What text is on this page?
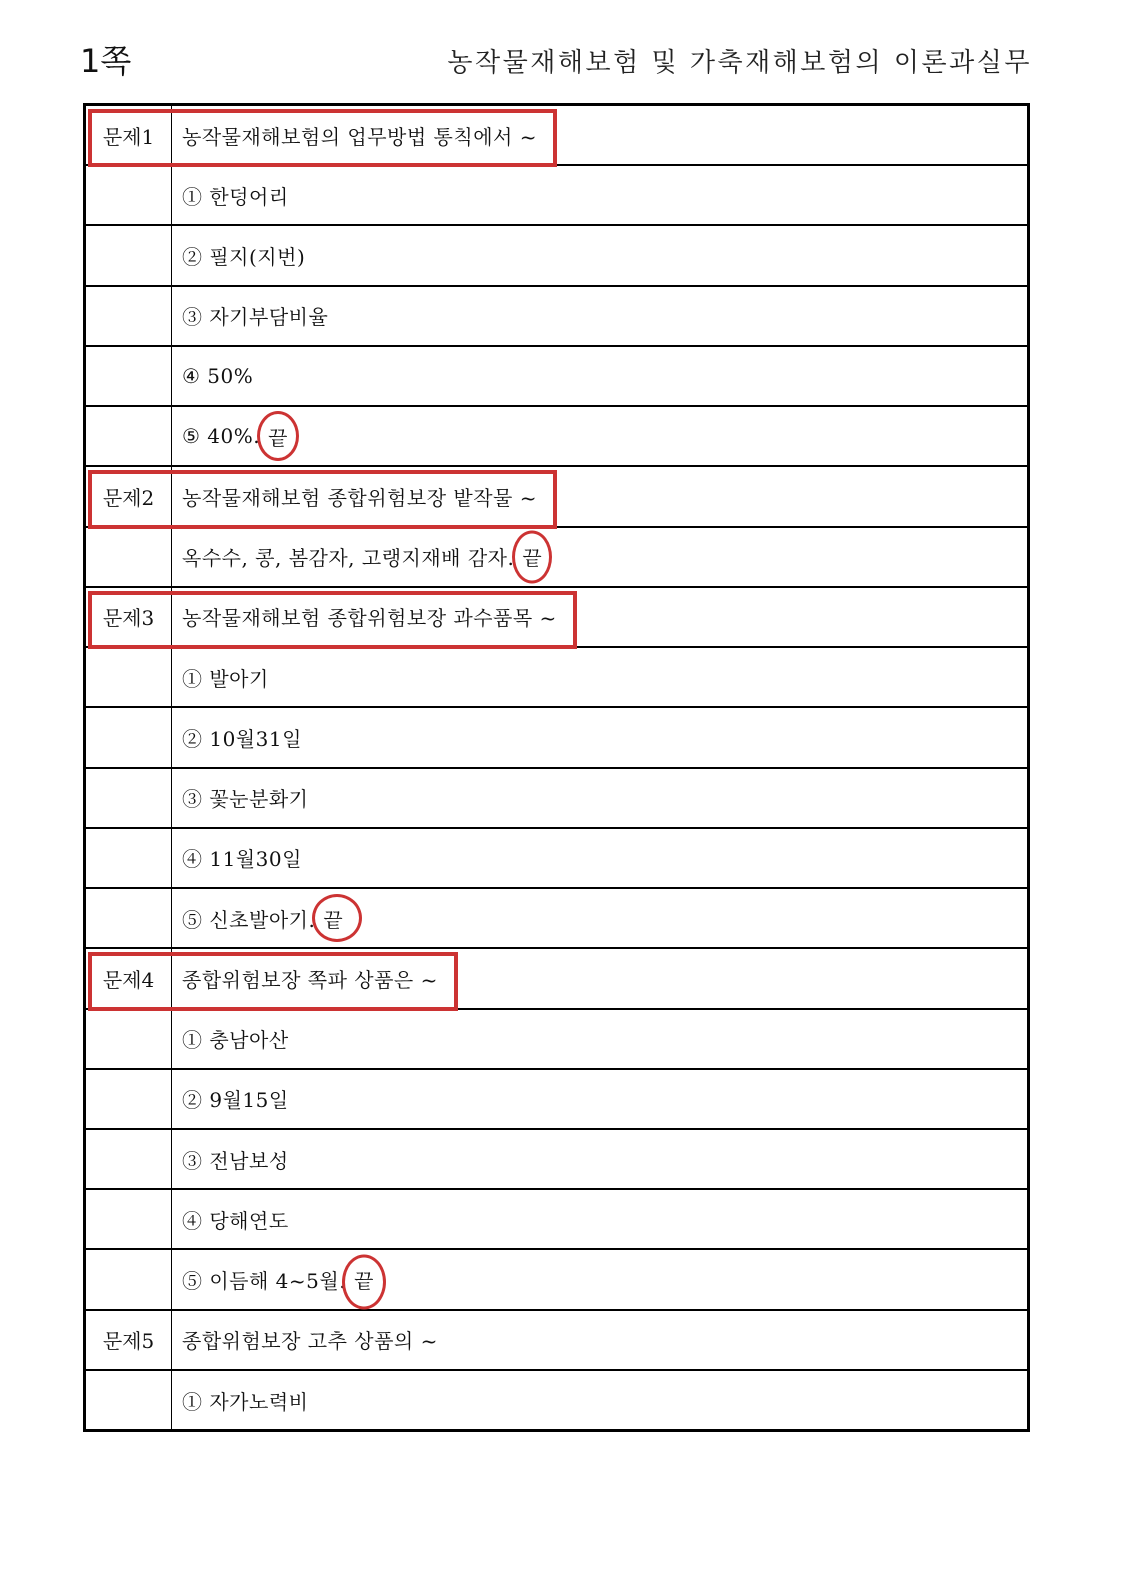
1쪽	농작물재해보험 및 가축재해보험의 이론과실무
문제1 농작물재해보험의 업무방법 통칙에서 ~
① 한덩어리
② 필지(지번)
③ 자기부담비율
④ 50%
⑤ 40%. 끝
문제2 농작물재해보험 종합위험보장 밭작물 ~
옥수수, 콩, 봄감자, 고랭지재배 감자. 끝
문제3 농작물재해보험 종합위험보장 과수품목 ~
① 발아기
② 10월31일
③ 꽃눈분화기
④ 11월30일
⑤ 신초발아기. 끝
문제4 종합위험보장 쪽파 상품은 ~
① 충남아산
② 9월15일
③ 전남보성
④ 당해연도
⑤ 이듬해 4~5월. 끝
문제5 종합위험보장 고추 상품의 ~
① 자가노력비
